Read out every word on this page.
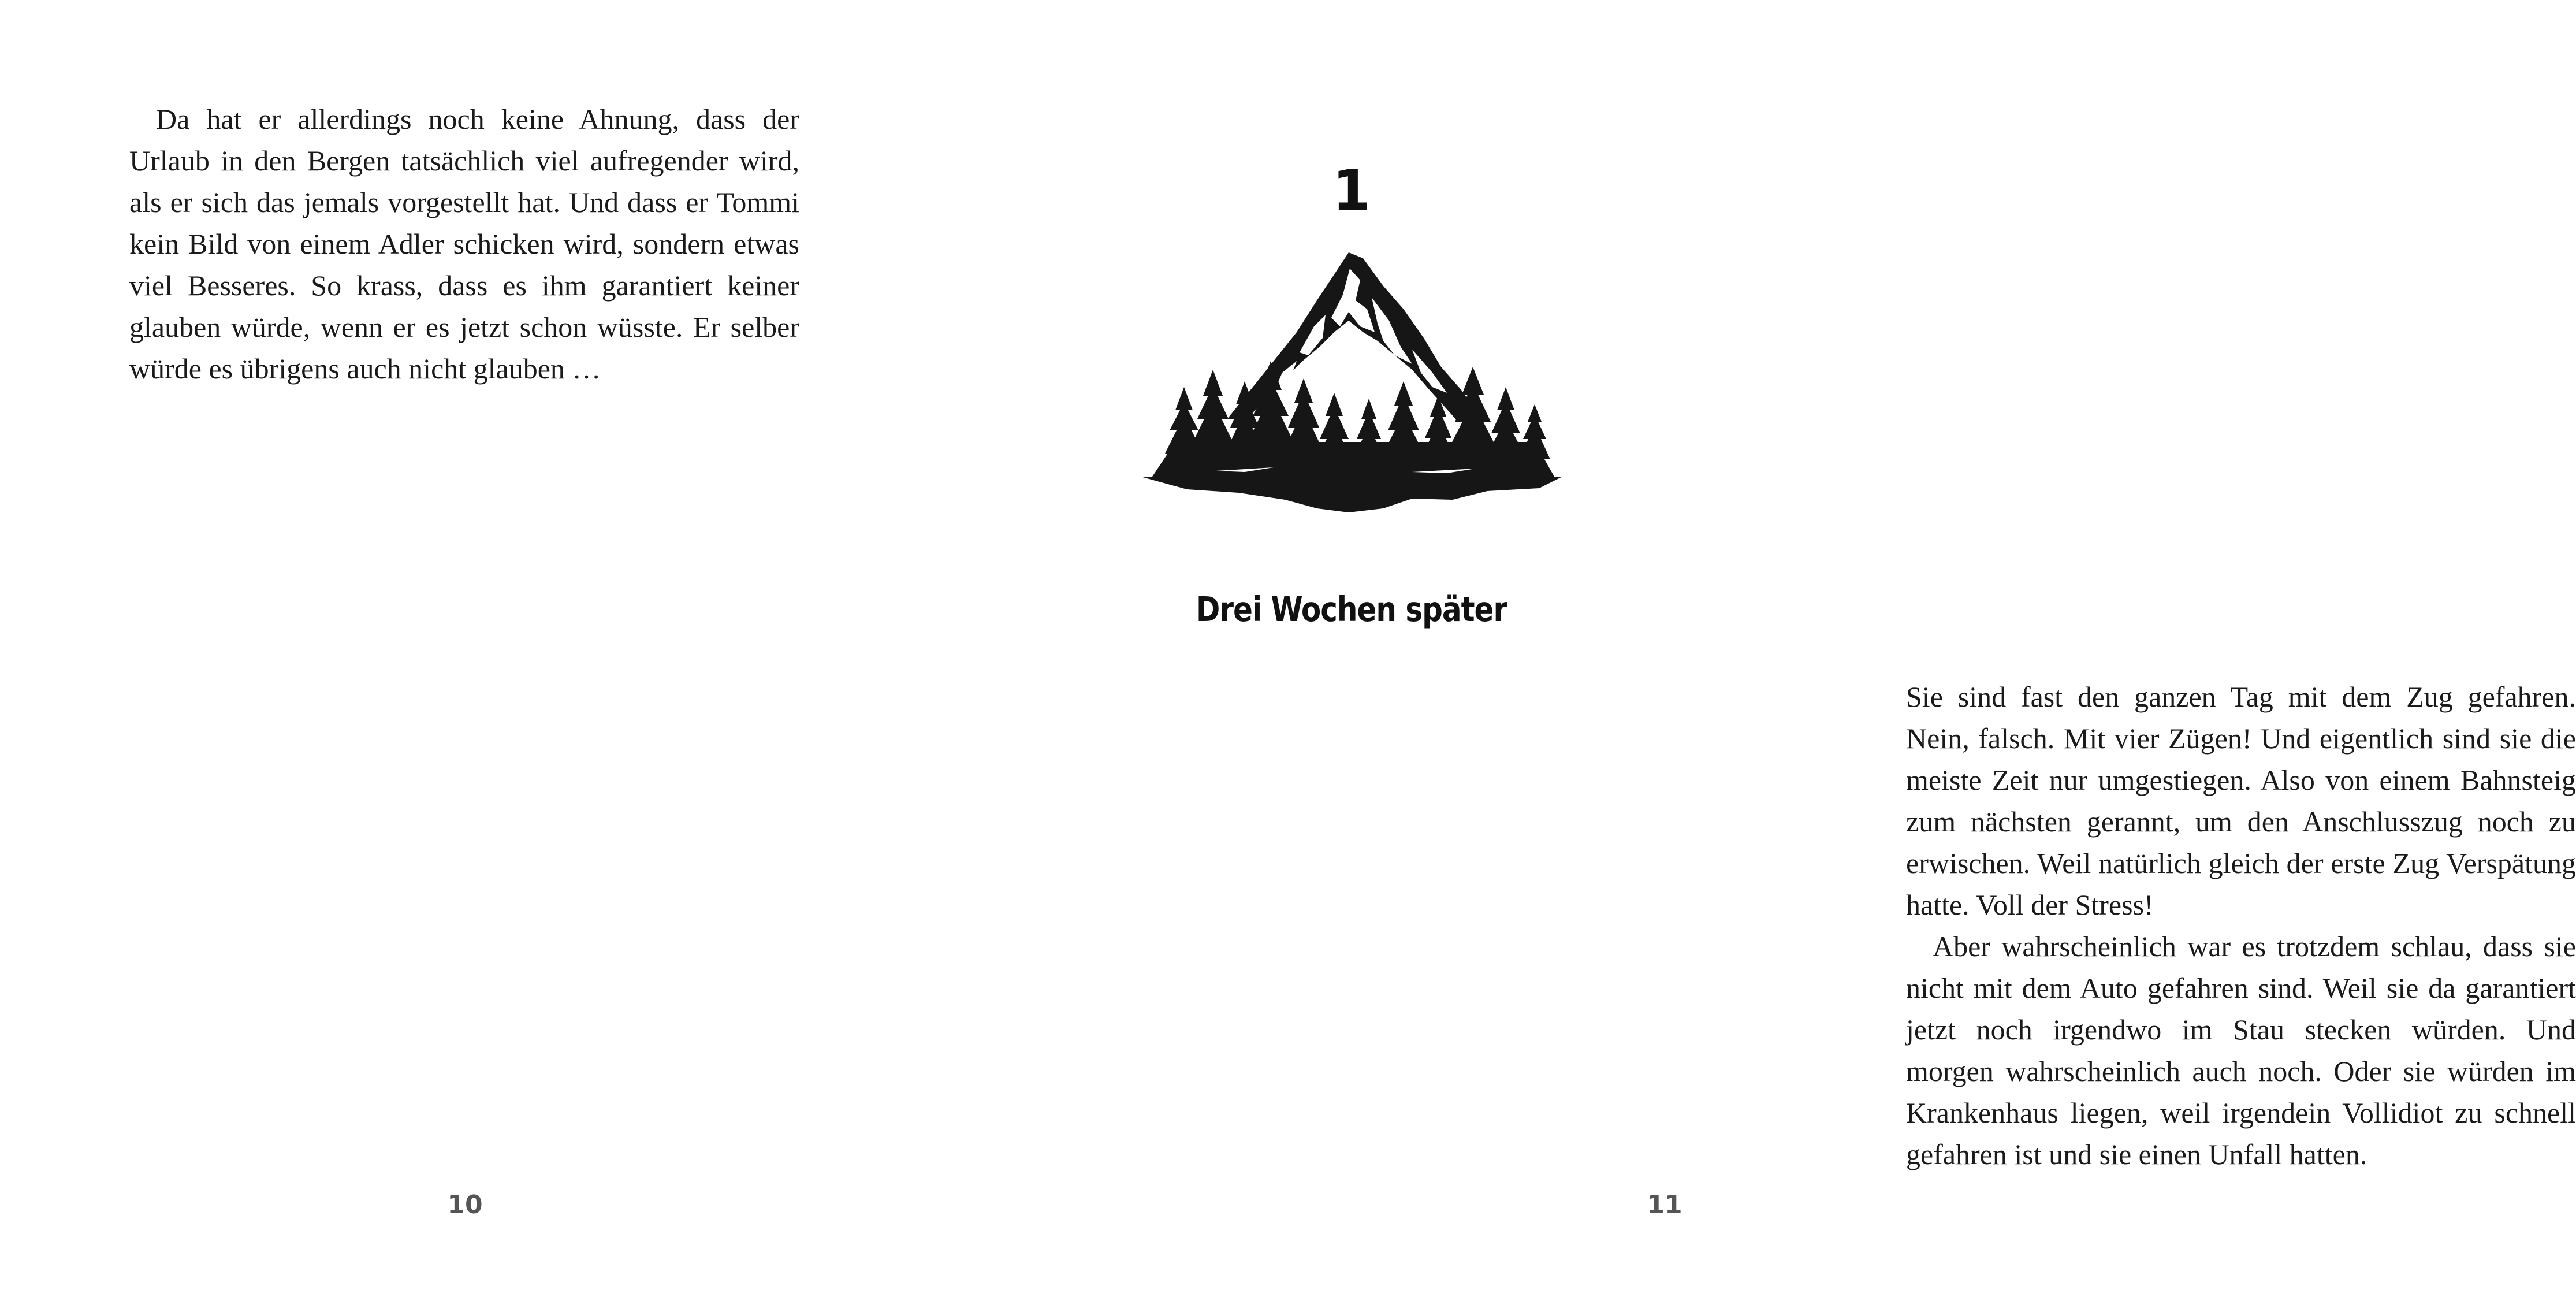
Da hat er allerdings noch keine Ahnung, dass der Urlaub in den Bergen tatsächlich viel aufregender wird, als er sich das jemals vorgestellt hat. Und dass er Tommi kein Bild von einem Adler schicken wird, sondern etwas viel Besseres. So krass, dass es ihm garantiert keiner glauben würde, wenn er es jetzt schon wüsste. Er selber würde es übrigens auch nicht glauben …

10
1
Drei Wochen später

Sie sind fast den ganzen Tag mit dem Zug gefahren. Nein, falsch. Mit vier Zügen! Und eigentlich sind sie die meiste Zeit nur umgestiegen. Also von einem Bahnsteig zum nächsten gerannt, um den Anschlusszug noch zu erwischen. Weil natürlich gleich der erste Zug Verspätung hatte. Voll der Stress!

Aber wahrscheinlich war es trotzdem schlau, dass sie nicht mit dem Auto gefahren sind. Weil sie da garantiert jetzt noch irgendwo im Stau stecken würden. Und morgen wahrscheinlich auch noch. Oder sie würden im Krankenhaus liegen, weil irgendein Vollidiot zu schnell gefahren ist und sie einen Unfall hatten.

11
